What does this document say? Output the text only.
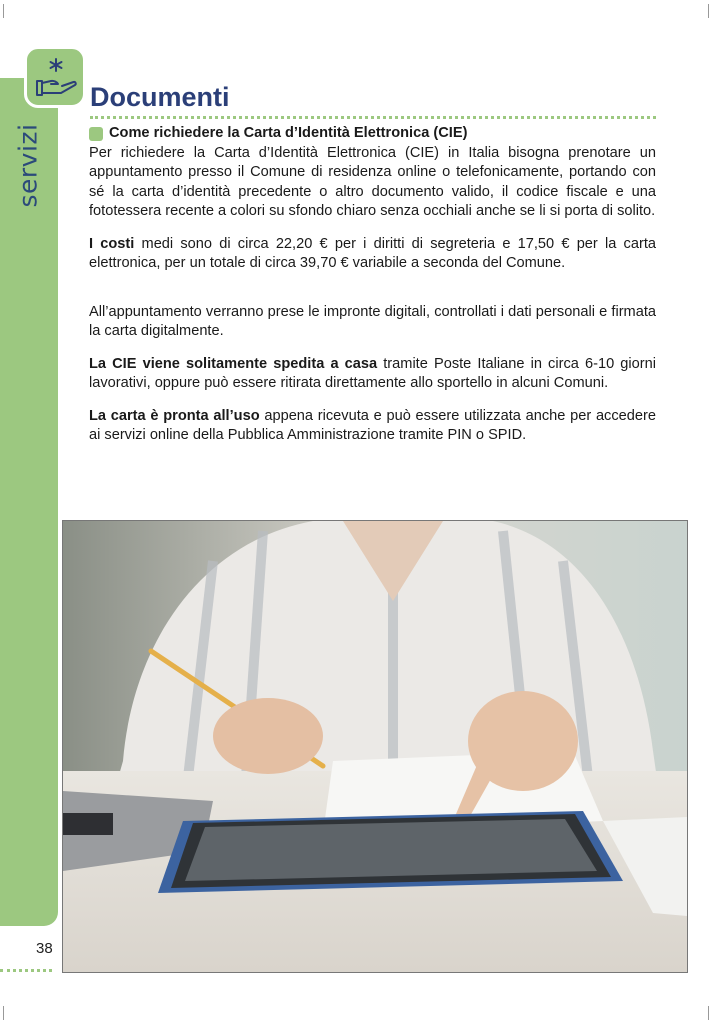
servizi
Documenti
Come richiedere la Carta d’Identità Elettronica (CIE)

Per richiedere la Carta d’Identità Elettronica (CIE) in Italia bisogna prenotare un appuntamento presso il Comune di residenza online o telefonicamente, portando con sé la carta d’identità precedente o altro documento valido, il codice fiscale e una fototessera recente a colori su sfondo chiaro senza occhiali anche se li si porta di solito.

I costi medi sono di circa 22,20 € per i diritti di segreteria e 17,50 € per la carta elettronica, per un totale di circa 39,70 € variabile a seconda del Comune.

All’appuntamento verranno prese le impronte digitali, controllati i dati personali e firmata la carta digitalmente.

La CIE viene solitamente spedita a casa tramite Poste Italiane in circa 6-10 giorni lavorativi, oppure può essere ritirata direttamente allo sportello in alcuni Comuni.

La carta è pronta all’uso appena ricevuta e può essere utilizzata anche per accedere ai servizi online della Pubblica Amministrazione tramite PIN o SPID.

38
